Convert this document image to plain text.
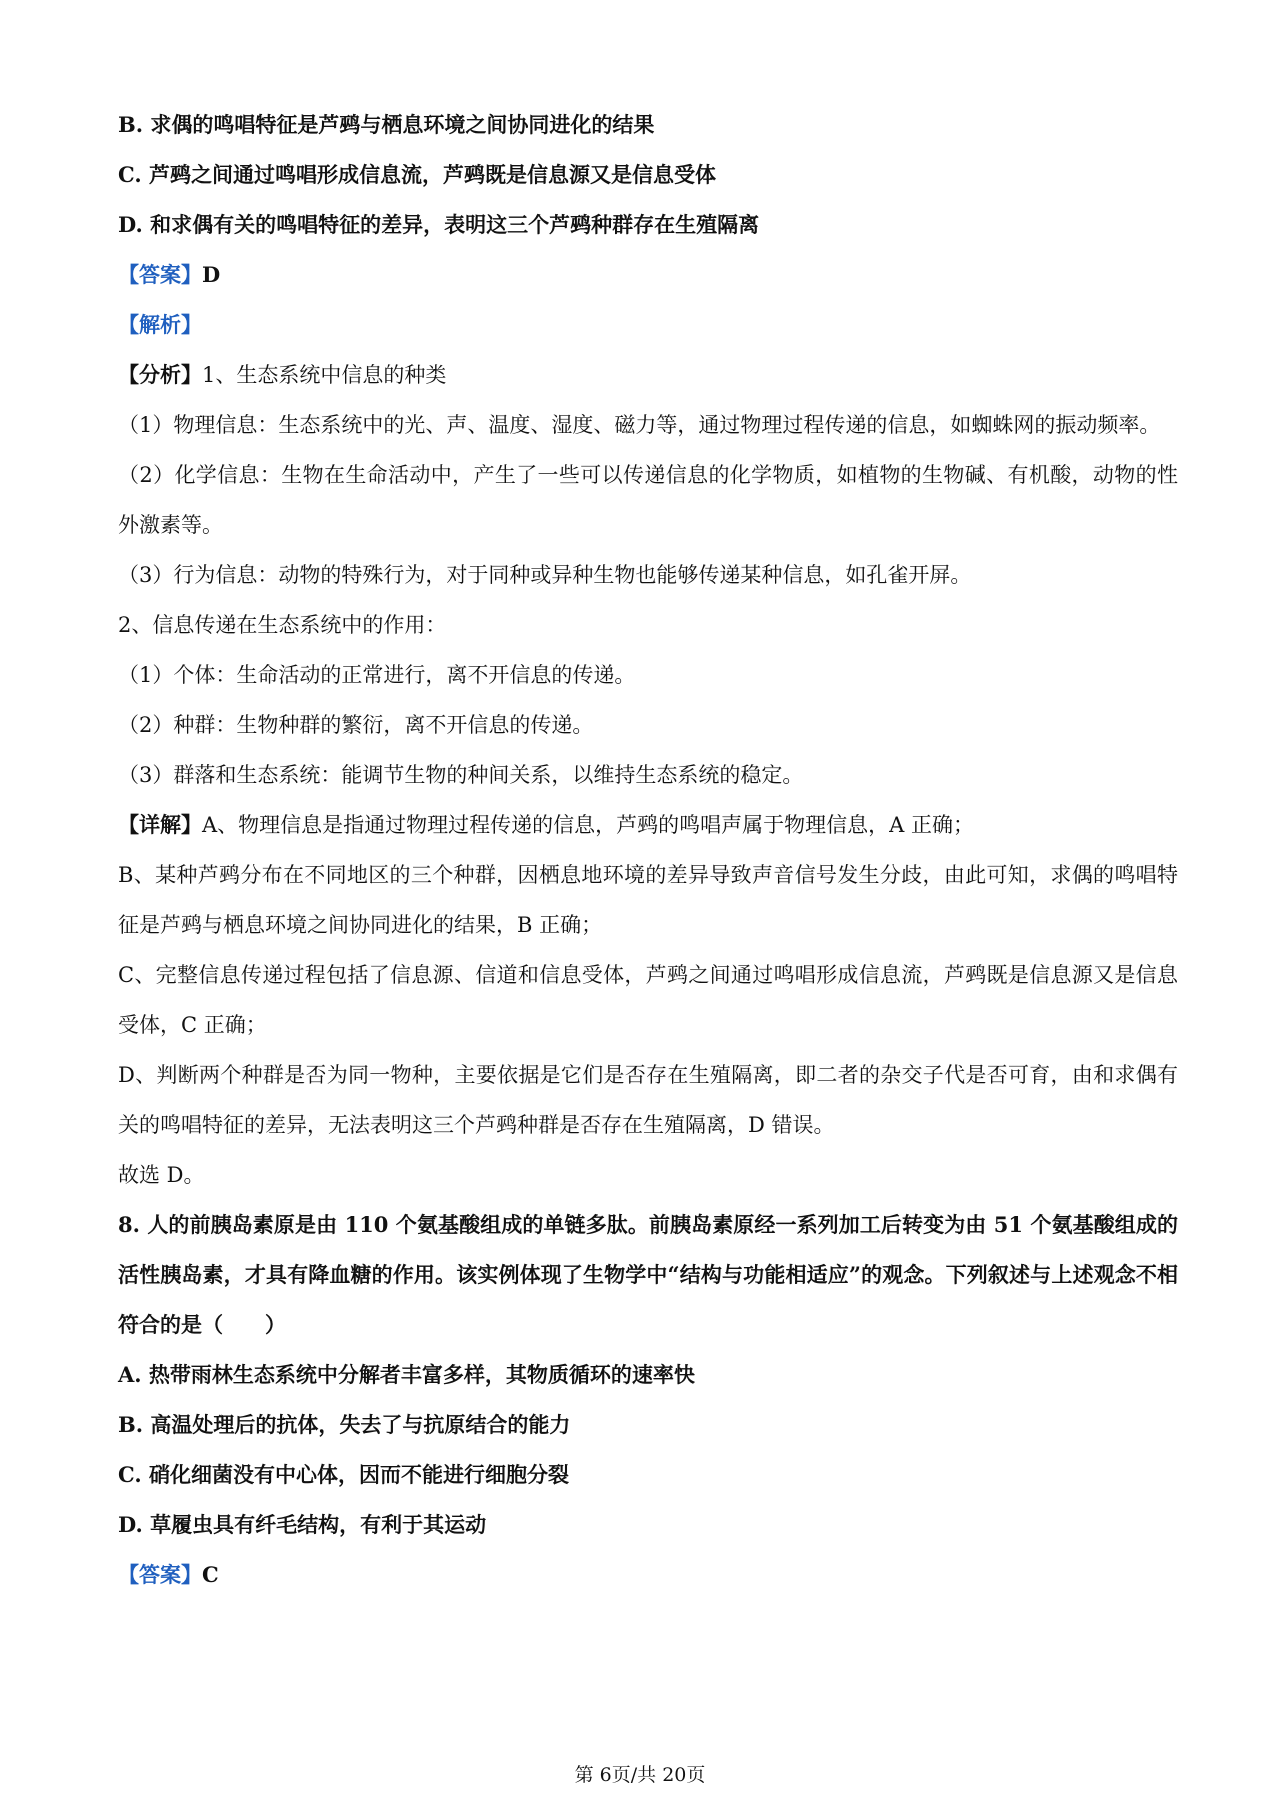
B. 求偶的鸣唱特征是芦鹀与栖息环境之间协同进化的结果
C. 芦鹀之间通过鸣唱形成信息流，芦鹀既是信息源又是信息受体
D. 和求偶有关的鸣唱特征的差异，表明这三个芦鹀种群存在生殖隔离
【答案】D
【解析】
【分析】1、生态系统中信息的种类
（1）物理信息：生态系统中的光、声、温度、湿度、磁力等，通过物理过程传递的信息，如蜘蛛网的振动频率。
（2）化学信息：生物在生命活动中，产生了一些可以传递信息的化学物质，如植物的生物碱、有机酸，动物的性外激素等。
（3）行为信息：动物的特殊行为，对于同种或异种生物也能够传递某种信息，如孔雀开屏。
2、信息传递在生态系统中的作用：
（1）个体：生命活动的正常进行，离不开信息的传递。
（2）种群：生物种群的繁衍，离不开信息的传递。
（3）群落和生态系统：能调节生物的种间关系，以维持生态系统的稳定。
【详解】A、物理信息是指通过物理过程传递的信息，芦鹀的鸣唱声属于物理信息，A 正确；
B、某种芦鹀分布在不同地区的三个种群，因栖息地环境的差异导致声音信号发生分歧，由此可知，求偶的鸣唱特征是芦鹀与栖息环境之间协同进化的结果，B 正确；
C、完整信息传递过程包括了信息源、信道和信息受体，芦鹀之间通过鸣唱形成信息流，芦鹀既是信息源又是信息受体，C 正确；
D、判断两个种群是否为同一物种，主要依据是它们是否存在生殖隔离，即二者的杂交子代是否可育，由和求偶有关的鸣唱特征的差异，无法表明这三个芦鹀种群是否存在生殖隔离，D 错误。
故选 D。
8. 人的前胰岛素原是由 110 个氨基酸组成的单链多肽。前胰岛素原经一系列加工后转变为由 51 个氨基酸组成的活性胰岛素，才具有降血糖的作用。该实例体现了生物学中“结构与功能相适应”的观念。下列叙述与上述观念不相符合的是（　　）
A. 热带雨林生态系统中分解者丰富多样，其物质循环的速率快
B. 高温处理后的抗体，失去了与抗原结合的能力
C. 硝化细菌没有中心体，因而不能进行细胞分裂
D. 草履虫具有纤毛结构，有利于其运动
【答案】C
第 6页/共 20页
